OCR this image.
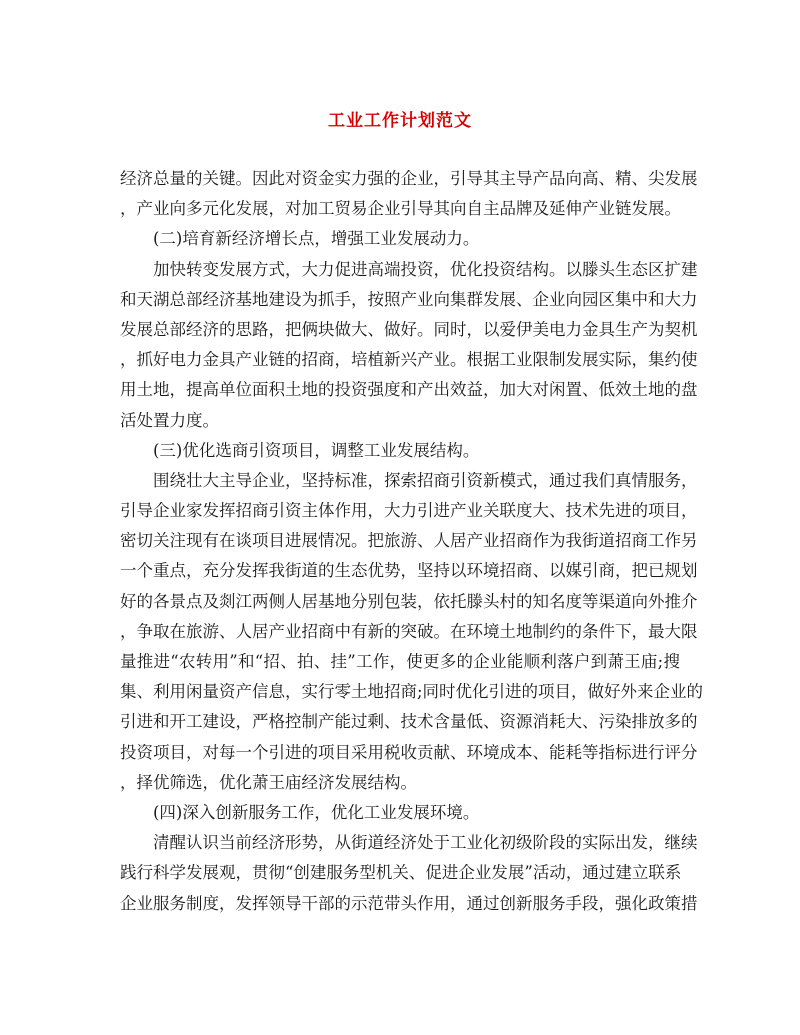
工业工作计划范文
经济总量的关键。因此对资金实力强的企业，引导其主导产品向高、精、尖发展
，产业向多元化发展，对加工贸易企业引导其向自主品牌及延伸产业链发展。
(二)培育新经济增长点，增强工业发展动力。
加快转变发展方式，大力促进高端投资，优化投资结构。以滕头生态区扩建
和天湖总部经济基地建设为抓手，按照产业向集群发展、企业向园区集中和大力
发展总部经济的思路，把俩块做大、做好。同时，以爱伊美电力金具生产为契机
，抓好电力金具产业链的招商，培植新兴产业。根据工业限制发展实际，集约使
用土地，提高单位面积土地的投资强度和产出效益，加大对闲置、低效土地的盘
活处置力度。
(三)优化选商引资项目，调整工业发展结构。
围绕壮大主导企业，坚持标准，探索招商引资新模式，通过我们真情服务，
引导企业家发挥招商引资主体作用，大力引进产业关联度大、技术先进的项目，
密切关注现有在谈项目进展情况。把旅游、人居产业招商作为我街道招商工作另
一个重点，充分发挥我街道的生态优势，坚持以环境招商、以媒引商，把已规划
好的各景点及剡江两侧人居基地分别包装，依托滕头村的知名度等渠道向外推介
，争取在旅游、人居产业招商中有新的突破。在环境土地制约的条件下，最大限
量推进“农转用”和“招、拍、挂”工作，使更多的企业能顺利落户到萧王庙;搜
集、利用闲量资产信息，实行零土地招商;同时优化引进的项目，做好外来企业的
引进和开工建设，严格控制产能过剩、技术含量低、资源消耗大、污染排放多的
投资项目，对每一个引进的项目采用税收贡献、环境成本、能耗等指标进行评分
，择优筛选，优化萧王庙经济发展结构。
(四)深入创新服务工作，优化工业发展环境。
清醒认识当前经济形势，从街道经济处于工业化初级阶段的实际出发，继续
践行科学发展观，贯彻“创建服务型机关、促进企业发展”活动，通过建立联系
企业服务制度，发挥领导干部的示范带头作用，通过创新服务手段，强化政策措
